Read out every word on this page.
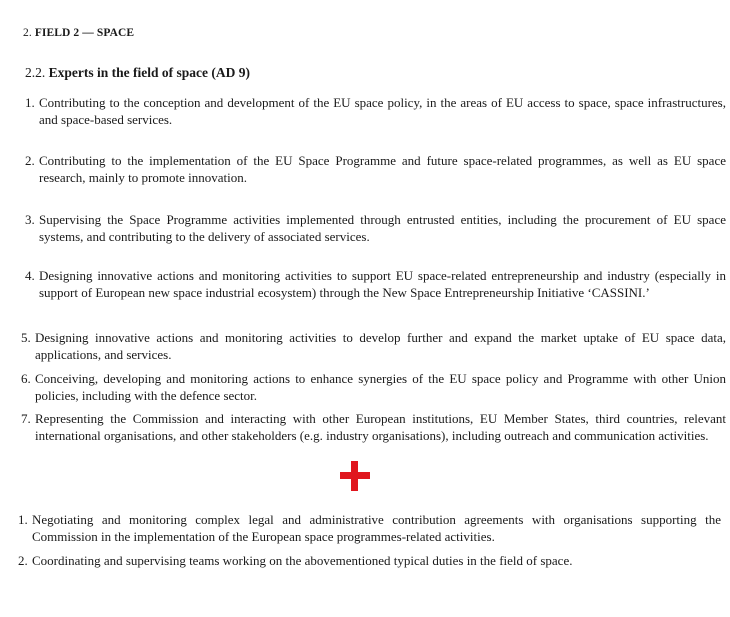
2. FIELD 2 — SPACE
2.2. Experts in the field of space (AD 9)
1. Contributing to the conception and development of the EU space policy, in the areas of EU access to space, space infrastructures, and space-based services.
2. Contributing to the implementation of the EU Space Programme and future space-related programmes, as well as EU space research, mainly to promote innovation.
3. Supervising the Space Programme activities implemented through entrusted entities, including the procurement of EU space systems, and contributing to the delivery of associated services.
4. Designing innovative actions and monitoring activities to support EU space-related entrepreneurship and industry (especially in support of European new space industrial ecosystem) through the New Space Entrepreneurship Initiative ‘CASSINI.’
5. Designing innovative actions and monitoring activities to develop further and expand the market uptake of EU space data, applications, and services.
6. Conceiving, developing and monitoring actions to enhance synergies of the EU space policy and Programme with other Union policies, including with the defence sector.
7. Representing the Commission and interacting with other European institutions, EU Member States, third countries, relevant international organisations, and other stakeholders (e.g. industry organisations), including outreach and communication activities.
1. Negotiating and monitoring complex legal and administrative contribution agreements with organisations supporting the Commission in the implementation of the European space programmes-related activities.
2. Coordinating and supervising teams working on the abovementioned typical duties in the field of space.
